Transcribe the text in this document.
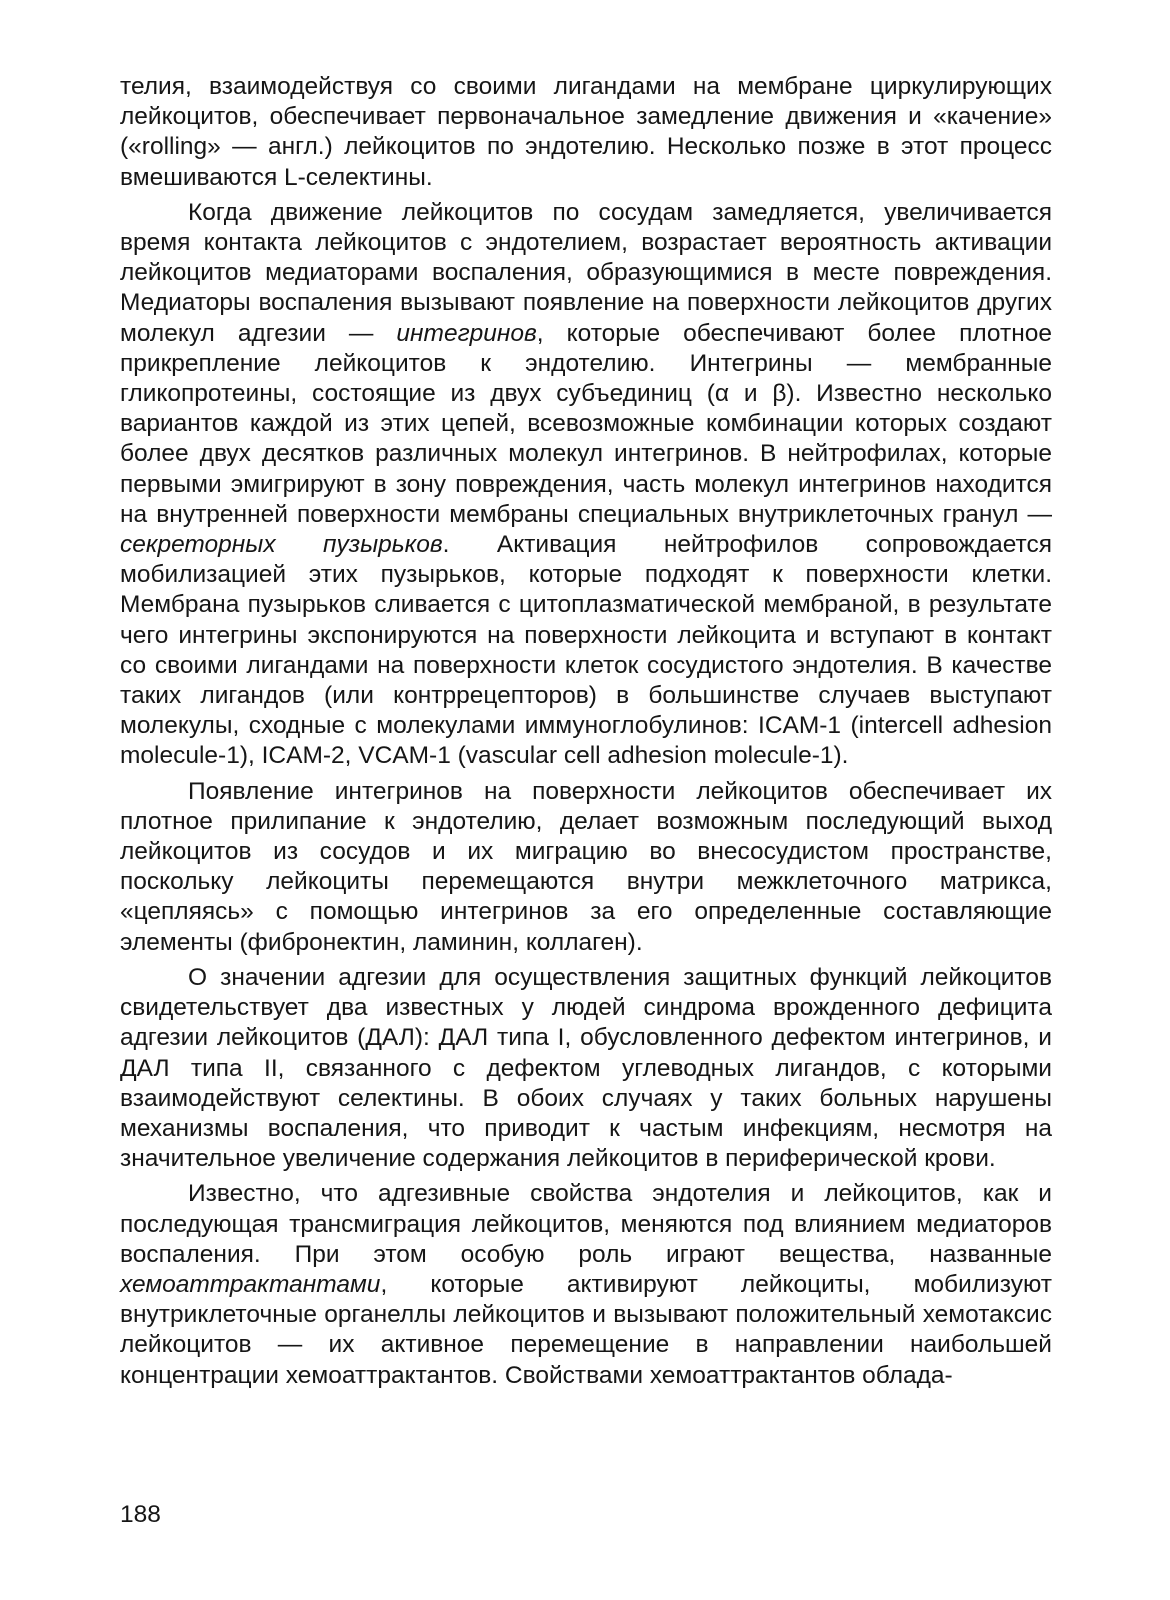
телия, взаимодействуя со своими лигандами на мембране циркулирующих лейкоцитов, обеспечивает первоначальное замедление движения и «качение» («rolling» — англ.) лейкоцитов по эндотелию. Несколько позже в этот процесс вмешиваются L-селектины.

Когда движение лейкоцитов по сосудам замедляется, увеличивается время контакта лейкоцитов с эндотелием, возрастает вероятность активации лейкоцитов медиаторами воспаления, образующимися в месте повреждения. Медиаторы воспаления вызывают появление на поверхности лейкоцитов других молекул адгезии — интегринов, которые обеспечивают более плотное прикрепление лейкоцитов к эндотелию. Интегрины — мембранные гликопротеины, состоящие из двух субъединиц (α и β). Известно несколько вариантов каждой из этих цепей, всевозможные комбинации которых создают более двух десятков различных молекул интегринов. В нейтрофилах, которые первыми эмигрируют в зону повреждения, часть молекул интегринов находится на внутренней поверхности мембраны специальных внутриклеточных гранул — секреторных пузырьков. Активация нейтрофилов сопровождается мобилизацией этих пузырьков, которые подходят к поверхности клетки. Мембрана пузырьков сливается с цитоплазматической мембраной, в результате чего интегрины экспонируются на поверхности лейкоцита и вступают в контакт со своими лигандами на поверхности клеток сосудистого эндотелия. В качестве таких лигандов (или контррецепторов) в большинстве случаев выступают молекулы, сходные с молекулами иммуноглобулинов: ICAM-1 (intercell adhesion molecule-1), ICAM-2, VCAM-1 (vascular cell adhesion molecule-1).

Появление интегринов на поверхности лейкоцитов обеспечивает их плотное прилипание к эндотелию, делает возможным последующий выход лейкоцитов из сосудов и их миграцию во внесосудистом пространстве, поскольку лейкоциты перемещаются внутри межклеточного матрикса, «цепляясь» с помощью интегринов за его определенные составляющие элементы (фибронектин, ламинин, коллаген).

О значении адгезии для осуществления защитных функций лейкоцитов свидетельствует два известных у людей синдрома врожденного дефицита адгезии лейкоцитов (ДАЛ): ДАЛ типа I, обусловленного дефектом интегринов, и ДАЛ типа II, связанного с дефектом углеводных лигандов, с которыми взаимодействуют селектины. В обоих случаях у таких больных нарушены механизмы воспаления, что приводит к частым инфекциям, несмотря на значительное увеличение содержания лейкоцитов в периферической крови.

Известно, что адгезивные свойства эндотелия и лейкоцитов, как и последующая трансмиграция лейкоцитов, меняются под влиянием медиаторов воспаления. При этом особую роль играют вещества, названные хемоаттрактантами, которые активируют лейкоциты, мобилизуют внутриклеточные органеллы лейкоцитов и вызывают положительный хемотаксис лейкоцитов — их активное перемещение в направлении наибольшей концентрации хемоаттрактантов. Свойствами хемоаттрактантов облада-

188
